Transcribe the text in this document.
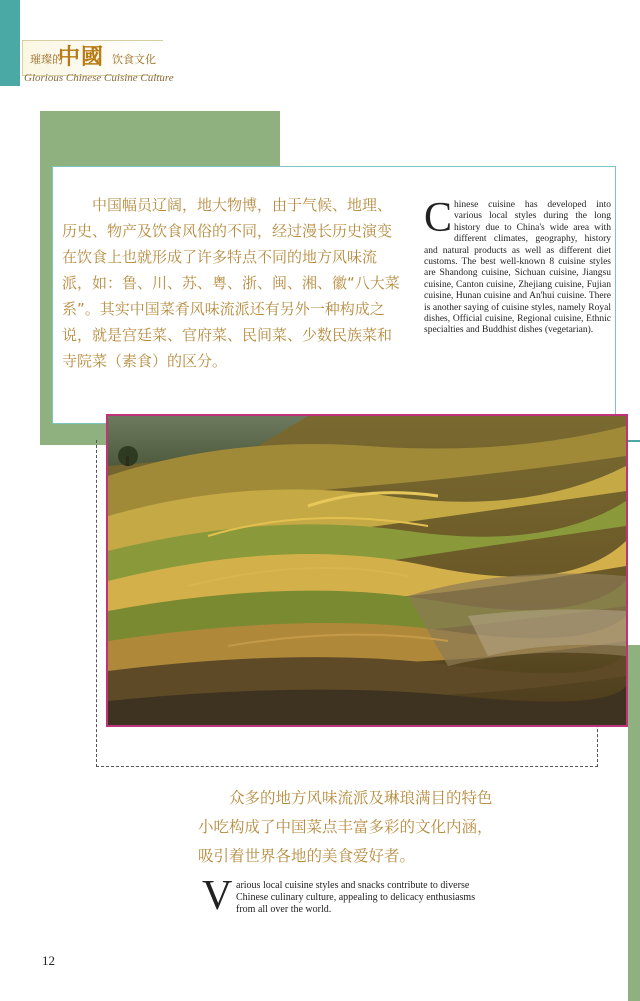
璀璨的
中國 饮食文化
Glorious Chinese Cuisine Culture
中国幅员辽阔，地大物博，由于气候、地理、历史、物产及饮食风俗的不同，经过漫长历史演变在饮食上也就形成了许多特点不同的地方风味流派，如：鲁、川、苏、粤、浙、闽、湘、徽“八大菜系”。其实中国菜肴风味流派还有另外一种构成之说，就是宫廷菜、官府菜、民间菜、少数民族菜和寺院菜（素食）的区分。
Chinese cuisine has developed into various local styles during the long history due to China's wide area with different climates, geography, history and natural products as well as different diet customs. The best well-known 8 cuisine styles are Shandong cuisine, Sichuan cuisine, Jiangsu cuisine, Canton cuisine, Zhejiang cuisine, Fujian cuisine, Hunan cuisine and An'hui cuisine. There is another saying of cuisine styles, namely Royal dishes, Official cuisine, Regional cuisine, Ethnic specialties and Buddhist dishes (vegetarian).
众多的地方风味流派及琳琅满目的特色小吃构成了中国菜点丰富多彩的文化内涵，吸引着世界各地的美食爱好者。
V arious local cuisine styles and snacks contribute to diverse Chinese culinary culture, appealing to delicacy enthusiasms from all over the world.
12
